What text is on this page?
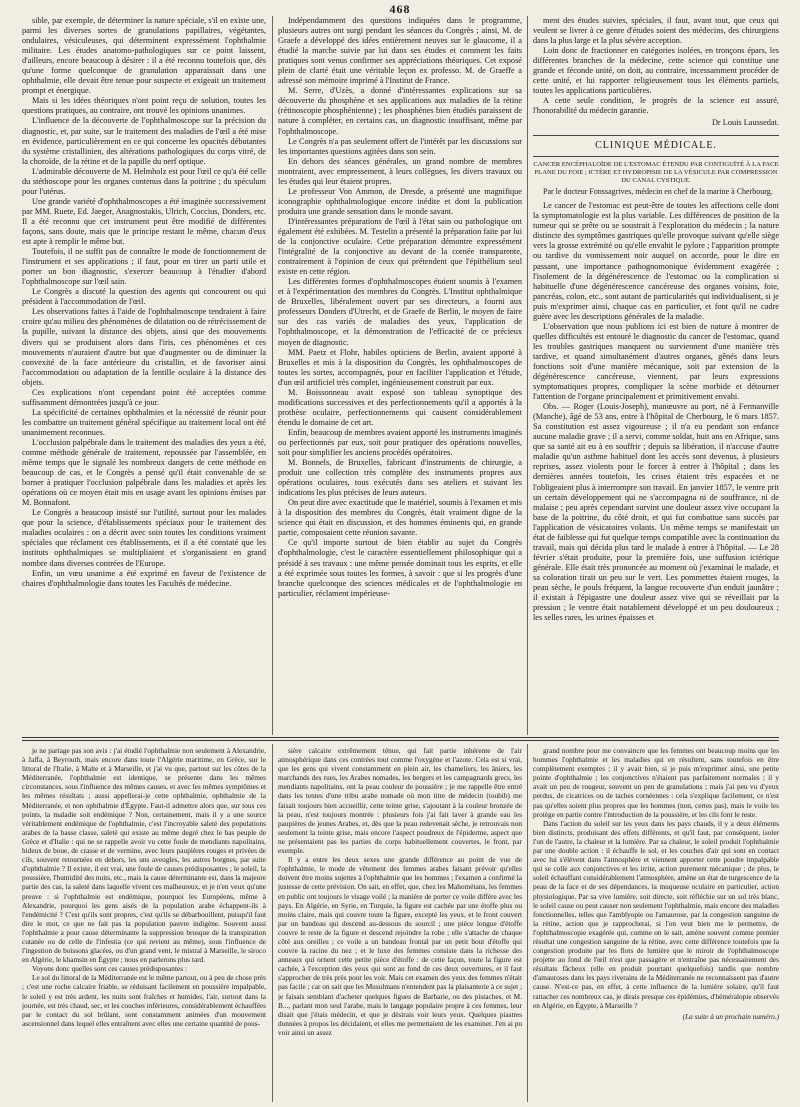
468

sible, par exemple, de déterminer la nature spéciale, s'il en existe une, parmi les diverses sortes de granulations papillaires, végétantes, ondulaires, vésiculeuses, qui déterminent expressément l'ophthalmie militaire. Les études anatomo-pathologiques sur ce point laissent, d'ailleurs, encore beaucoup à désirer : il a été reconnu toutefois que, dès qu'une forme quelconque de granulation apparaissait dans une ophthalmie, elle devait être tenue pour suspecte et exigeait un traitement prompt et énergique.

Mais si les idées théoriques n'ont point reçu de solution, toutes les questions pratiques, au contraire, ont trouvé les opinions unanimes.

L'influence de la découverte de l'ophthalmoscope sur la précision du diagnostic, et, par suite, sur le traitement des maladies de l'œil a été mise en évidence, particulièrement en ce qui concerne les opacités débutantes du système cristallinien, des altérations pathologiques du corps vitré, de la choroïde, de la rétine et de la papille du nerf optique.

L'admirable découverte de M. Helmholz est pour l'œil ce qu'a été celle du stéthoscope pour les organes contenus dans la poitrine ; du spéculum pour l'utérus.

Une grande variété d'ophthalmoscopes a été imaginée successivement par MM. Ruete, Ed. Jaeger, Anagnostakis, Ulrich, Coccius, Donders, etc. Il a été reconnu que cet instrument peut être modifié de différentes façons, sans doute, mais que le principe restant le même, chacun d'eux est apte à remplir le même but.

Toutefois, il ne suffit pas de connaître le mode de fonctionnement de l'instrument et ses applications ; il faut, pour en tirer un parti utile et porter un bon diagnostic, s'exercer beaucoup à l'étudier d'abord l'ophthalmoscope sur l'œil sain.

Le Congrès a discuté la question des agents qui concourent ou qui président à l'accommodation de l'œil.

Les observations faites à l'aide de l'ophthalmoscope tendraient à faire croire qu'au milieu des phénomènes de dilatation ou de rétrécissement de la pupille, suivant la distance des objets, ainsi que des mouvements divers qui se produisent alors dans l'iris, ces phénomènes et ces mouvements n'auraient d'autre but que d'augmenter ou de diminuer la convexité de la face antérieure du cristallin, et de favoriser ainsi l'accommodation ou adaptation de la lentille oculaire à la distance des objets.

Ces explications n'ont cependant point été acceptées comme suffisamment démontrées jusqu'à ce jour.

La spécificité de certaines ophthalmies et la nécessité de réunir pour les combattre un traitement général spécifique au traitement local ont été unanimement reconnues.

L'occlusion palpébrale dans le traitement des maladies des yeux a été, comme méthode générale de traitement, repoussée par l'assemblée, en même temps que le signalé les nombreux dangers de cette méthode en beaucoup de cas, et le Congrès a pensé qu'il était convenable de se borner à pratiquer l'occlusion palpébrale dans les maladies et après les opérations où ce moyen était mis en usage avant les opinions émises par M. Bonnafont.

Le Congrès a beaucoup insisté sur l'utilité, surtout pour les malades que pour la science, d'établissements spéciaux pour le traitement des maladies oculaires : on a décrit avec soin toutes les conditions vraiment spéciales que réclament ces établissements, et il a été constaté que les instituts ophthalmiques se multipliaient et s'organisaient en grand nombre dans diverses contrées de l'Europe.

Enfin, un vœu unanime a été exprimé en faveur de l'existence de chaires d'ophthalmologie dans toutes les Facultés de médecine.

Indépendamment des questions indiquées dans le programme, plusieurs autres ont surgi pendant les séances du Congrès ; ainsi, M. de Graefe a développé des idées entièrement neuves sur le glaucome, il a étudié la marche suivie par lui dans ses études et comment les faits pratiques sont venus confirmer ses appréciations théoriques. Cet exposé plein de clarté était une véritable leçon ex professo. M. de Graeffe a adressé son mémoire imprimé à l'Institut de France.

M. Serre, d'Uzès, a donné d'intéressantes explications sur sa découverte du phosphène et ses applications aux maladies de la rétine (rétinoscopie phosphénienne) ; les phosphènes bien étudiés paraissent de nature à compléter, en certains cas, un diagnostic insuffisant, même par l'ophthalmoscope.

Le Congrès n'a pas seulement offert de l'intérêt par les discussions sur les importantes questions agitées dans son sein.

En dehors des séances générales, un grand nombre de membres montraient, avec empressement, à leurs collègues, les divers travaux ou les études qui leur étaient propres.

Le professeur Von Ammon, de Dresde, a présenté une magnifique iconographie ophthalmologique encore inédite et dont la publication produira une grande sensation dans le monde savant.

D'intéressantes préparations de l'œil à l'état sain ou pathologique ont également été exhibées. M. Testelin a présenté la préparation faite par lui de la conjonctive oculaire. Cette préparation démontre expressément l'intégralité de la conjonctive au devant de la cornée transparente, contrairement à l'opinion de ceux qui prétendent que l'épithélium seul existe en cette région.

Les différentes formes d'ophthalmoscopes étaient soumis à l'examen et à l'expérimentation des membres du Congrès. L'Institut ophthalmique de Bruxelles, libéralement ouvert par ses directeurs, a fourni aux professeurs Donders d'Utrecht, et de Graefe de Berlin, le moyen de faire sur des cas variés de maladies des yeux, l'application de l'ophthalmoscope, et la démonstration de l'efficacité de ce précieux moyen de diagnostic.

MM. Paetz et Flohr, habiles opticiens de Berlin, avaient apporté à Bruxelles et mis à la disposition du Congrès, les ophthalmoscopes de toutes les sortes, accompagnés, pour en faciliter l'application et l'étude, d'un œil artificiel très complet, ingénieusement construit par eux.

M. Boissonneau avait exposé son tableau synoptique des modifications successives et des perfectionnements qu'il a apportés à la prothèse oculaire, perfectionnements qui causent considérablement étendu le domaine de cet art.

Enfin, beaucoup de membres avaient apporté les instruments imaginés ou perfectionnés par eux, soit pour pratiquer des opérations nouvelles, soit pour simplifier les anciens procédés opératoires.

M. Bonnels, de Bruxelles, fabricant d'instruments de chirurgie, a produit une collection très complète des instruments propres aux opérations oculaires, tous exécutés dans ses ateliers et suivant les indications les plus précises de leurs auteurs.

On peut dire avec exactitude que le matériel, soumis à l'examen et mis à la disposition des membres du Congrès, était vraiment digne de la science qui était en discussion, et des hommes éminents qui, en grande partie, composaient cette réunion savante.

Ce qu'il importe surtout de bien établir au sujet du Congrès d'ophthalmologie, c'est le caractère essentiellement philosophique qui a présidé à ses travaux : une même pensée dominait tous les esprits, et elle a été exprimée sous toutes les formes, à savoir : que si les progrès d'une branche quelconque des sciences médicales et de l'ophthalmologie en particulier, réclament impérieuse-

ment des études suivies, spéciales, il faut, avant tout, que ceux qui veulent se livrer à ce genre d'études soient des médecins, des chirurgiens dans la plus large et la plus sévère acception.

Loin donc de fractionner en catégories isolées, en tronçons épars, les différentes branches de la médecine, cette science qui constitue une grande et féconde unité, on doit, au contraire, incessamment procéder de cette unité, et lui rapporter religieusement tous les éléments partiels, toutes les applications particulières.

A cette seule condition, le progrès de la science est assuré, l'honorabilité du médecin garantie.

Dr Louis Laussedat.
CLINIQUE MÉDICALE.
CANCER ENCÉPHALOÏDE DE L'ESTOMAC ÉTENDU PAR CONTIGUÏTÉ À LA FACE PLANE DU FOIE ; ICTÈRE ET HYDROPISIE DE LA VÉSICULE PAR COMPRESSION DU CANAL CYSTIQUE.
Par le docteur Fonssagrives, médecin en chef de la marine à Cherbourg.

Le cancer de l'estomac est peut-être de toutes les affections celle dont la symptomatologie est la plus variable. Les différences de position de la tumeur qui se prête ou se soustrait à l'exploration du médecin ; la nature distincte des symptômes gastriques qu'elle provoque suivant qu'elle siège vers la grosse extrémité ou qu'elle envahit le pylore ; l'apparition prompte ou tardive du vomissement noir auquel on accorde, pour le dire en passant, une importance pathognomonique évidemment exagérée ; l'isolement de la dégénérescence de l'estomac ou la complication si habituelle d'une dégénérescence cancéreuse des organes voisins, foie, pancréas, colon, etc., sont autant de particularités qui individualisent, si je puis m'exprimer ainsi, chaque cas en particulier, et font qu'il ne cadre guère avec les descriptions générales de la maladie.

L'observation que nous publions ici est bien de nature à montrer de quelles difficultés est entouré le diagnostic du cancer de l'estomac, quand les troubles gastriques manquent ou surviennent d'une manière très tardive, et quand simultanément d'autres organes, gênés dans leurs fonctions soit d'une manière mécanique, soit par extension de la dégénérescence cancéreuse, viennent, par leurs expressions symptomatiques propres, compliquer la scène morbide et détourner l'attention de l'organe principalement et primitivement envahi.

Obs. — Roger (Louis-Joseph), manœuvre au port, né à Fermanville (Manche), âgé de 53 ans, entre à l'hôpital de Cherbourg, le 6 mars 1857. Sa constitution est assez vigoureuse ; il n'a eu pendant son enfance aucune maladie grave ; il a servi, comme soldat, huit ans en Afrique, sans que sa santé ait eu à en souffrir ; depuis sa libération, il n'accuse d'autre maladie qu'un asthme habituel dont les accès sont devenus, à plusieurs reprises, assez violents pour le forcer à entrer à l'hôpital ; dans les dernières années toutefois, les crises étaient très espacées et ne l'obligeaient plus à interrompre son travail. En janvier 1857, le ventre prit un certain développement qui ne s'accompagna ni de souffrance, ni de malaise ; peu après cependant survint une douleur assez vive occupant la base de la poitrine, du côté droit, et qui fut combattue sans succès par l'application de vésicatoires volants. Un même temps se manifestait un état de faiblesse qui fut quelque temps compatible avec la continuation du travail, mais qui décida plus tard le malade à entrer à l'hôpital. — Le 28 février s'était produite, pour la première fois, une suffusion ictérique générale. Elle était très prononcée au moment où j'examinai le malade, et sa coloration tirait un peu sur le vert. Les pommettes étaient rouges, la peau sèche, le pouls fréquent, la langue recouverte d'un enduit jaunâtre ; il existait à l'épigastre une douleur assez vive qui se réveillait par la pression ; le ventre était notablement développé et un peu douloureux ; les selles rares, les urines épaisses et

je ne partage pas son avis : j'ai étudié l'ophthalmie non seulement à Alexandrie, à Jaffa, à Beyrouth, mais encore dans toute l'Algérie maritime, en Grèce, sur le littoral de l'Italie, à Malte et à Marseille, et j'ai vu que, partout sur les côtes de la Méditerranée, l'ophthalmie est identique, se présente dans les mêmes circonstances, sous l'influence des mêmes causes, et avec les mêmes symptômes et les mêmes résultats ; aussi appellerai-je cette ophthalmie, ophthalmie de la Méditerranée, et non ophthalmie d'Égypte. Faut-il admettre alors que, sur tous ces points, la maladie soit endémique ? Non, certainement, mais il y a une source véritablement endémique de l'ophthalmie, c'est l'incroyable saleté des populations arabes de la basse classe, saleté qui existe au même degré chez le bas peuple de Grèce et d'Italie : qui ne se rappelle avoir vu cette foule de mendiants napolitains, hideux de boue, de crasse et de vermine, avec leurs paupières rouges et privées de cils, souvent retournées en dehors, les uns aveugles, les autres borgnes, par suite d'ophthalmie ? Il existe, il est vrai, une foule de causes prédisposantes ; le soleil, la poussière, l'humidité des nuits, etc., mais la cause déterminante est, dans la majeure partie des cas, la saleté dans laquelle vivent ces malheureux, et je n'en veux qu'une preuve : si l'ophthalmie est endémique, pourquoi les Européens, même à Alexandrie, pourquoi les gens aisés de la population arabe échappent-ils à l'endémicité ? C'est qu'ils sont propres, c'est qu'ils se débarbouillent, puisqu'il faut dire le mot, ce que ne fait pas la population pauvre indigène. Souvent aussi l'ophthalmie a pour cause déterminante la suppression brusque de la transpiration cutanée ou de celle de l'infestia (ce qui revient au même), sous l'influence de l'ingestion de boissons glacées, ou d'un grand vent, le mistral à Marseille, le siroco en Algérie, le khamsin en Égypte ; nous en parlerons plus tard.

Voyons donc quelles sont ces causes prédisposantes :

Le sol du littoral de la Méditerranée est le même partout, ou à peu de chose près ; c'est une roche calcaire friable, se réduisant facilement en poussière impalpable, le soleil y est très ardent, les nuits sont fraîches et humides, l'air, surtout dans la journée, est très chaud, sec, et les couches inférieures, considérablement échauffées par le contact du sol brûlant, sont constamment animées d'un mouvement ascensionnel dans lequel elles entraînent avec elles une certaine quantité de pous-

sière calcaire extrêmement ténue, qui fait partie inhérente de l'air atmosphérique dans ces contrées tout comme l'oxygène et l'azote. Cela est si vrai, que les gens qui vivent constamment en plein air, les chameliers, les âniers, les marchands des rues, les Arabes nomades, les bergers et les campagnards grecs, les mendiants napolitains, ont la peau couleur de poussière ; je me rappelle être entré dans les tentes d'une tribu arabe nomade où mon titre de médecin (toubib) me faisait toujours bien accueillir, cette teinte grise, s'ajoutant à la couleur bronzée de la peau, n'est toujours montrée : plusieurs fois j'ai fait laver à grande eau les paupières de jeunes Arabes, et, dès que la peau redevenait sèche, je retrouvais non seulement la teinte grise, mais encore l'aspect poudreux de l'épiderme, aspect que ne présentaient pas les parties du corps habituellement couvertes, le front, par exemple.

Il y a entre les deux sexes une grande différence au point de vue de l'ophthalmie, le mode de vêtement des femmes arabes faisant prévoir qu'elles doivent être moins sujettes à l'ophthalmie que les hommes ; l'examen a confirmé la justesse de cette prévision. On sait, en effet, que, chez les Mahométans, les femmes en public ont toujours le visage voilé ; la manière de porter ce voile diffère avec les pays. En Algérie, en Syrie, en Turquie, la figure est cachée par une étoffe plus ou moins claire, mais qui couvre toute la figure, excepté les yeux, et le front couvert par un bandeau qui descend au-dessous du sourcil ; une pièce longue d'étoffe couvre le reste de la figure et descend rejoindre la robe ; elle s'attache de chaque côté aux oreilles ; ce voile a un bandeau frontal par un petit bout d'étoffe qui couvre la racine du nez ; et le luxe des femmes consiste dans la richesse des anneaux qui ornent cette petite pièce d'étoffe : de cette façon, toute la figure est cachée, à l'exception des yeux qui sont au fond de ces deux ouvertures, et il faut s'approcher de très près pour les voir. Mais cet examen des yeux des femmes n'était pas facile ; car on sait que les Musulmans n'entendent pas la plaisanterie à ce sujet ; je faisais semblant d'acheter quelques figues de Barbarie, ou des pistaches, et M. B..., parlant mon seul l'arabe, mais le langage populaire propre à ces femmes, leur disait que j'étais médecin, et que je désirais voir leurs yeux. Quelques piastres données à propos les décidaient, et elles me permettaient de les examiner. J'en ai pu voir ainsi un assez

grand nombre pour me convaincre que les femmes ont beaucoup moins que les hommes l'ophthalmie et les maladies qui en résultent, sans toutefois en être complètement exemptes ; il y avait bien, si je puis m'exprimer ainsi, une petite pointe d'ophthalmie ; les conjonctives n'étaient pas parfaitement normales ; il y avait un peu de rougeur, souvent un peu de granulations ; mais j'ai peu vu d'yeux perdus, de cicatrices ou de taches cornéennes : cela s'explique facilement, ce n'est pas qu'elles soient plus propres que les hommes (non, certes pas), mais le voile les protège en partie contre l'introduction de la poussière, et les cils font le reste.

Dans l'action du soleil sur les yeux dans les pays chauds, il y a deux éléments bien distincts, produisant des effets différents, et qu'il faut, par conséquent, isoler l'un de l'autre, la chaleur et la lumière. Par sa chaleur, le soleil produit l'ophthalmie par une double action : il échauffe le sol, et les couches d'air qui sont en contact avec lui s'élèvent dans l'atmosphère et viennent apporter cette poudre impalpable qui se colle aux conjonctives et les irrite, action purement mécanique ; de plus, le soleil échauffant considérablement l'atmosphère, amène un état de turgescence de la peau de la face et de ses dépendances, la muqueuse oculaire en particulier, action physiologique. Par sa vive lumière, soit directe, soit réfléchie sur un sol très blanc, le soleil cause ou peut causer non seulement l'ophthalmie, mais encore des maladies fonctionnelles, telles que l'amblyopie ou l'amaurose, par la congestion sanguine de la rétine, action que je rapprocherai, si l'on veut bien me le permettre, de l'ophthalmoscopie exagérée qui, comme on le sait, amène souvent comme premier résultat une congestion sanguine de la rétine, avec cette différence toutefois que la congestion produite par les flots de lumière que le miroir de l'ophthalmoscope projette au fond de l'œil n'est que passagère et n'entraîne pas nécessairement des résultats fâcheux (elle en produit pourtant quelquefois) tandis que nombre d'amauroses dans les pays riverains de la Méditerranée ne reconnaissent pas d'autre cause. N'est-ce pas, en effet, à cette influence de la lumière solaire, qu'il faut rattacher ces nombreux cas, je dirais presque ces épidémies, d'héméralopie observés en Algérie, en Égypte, à Marseille ?

(La suite à un prochain numéro.)
